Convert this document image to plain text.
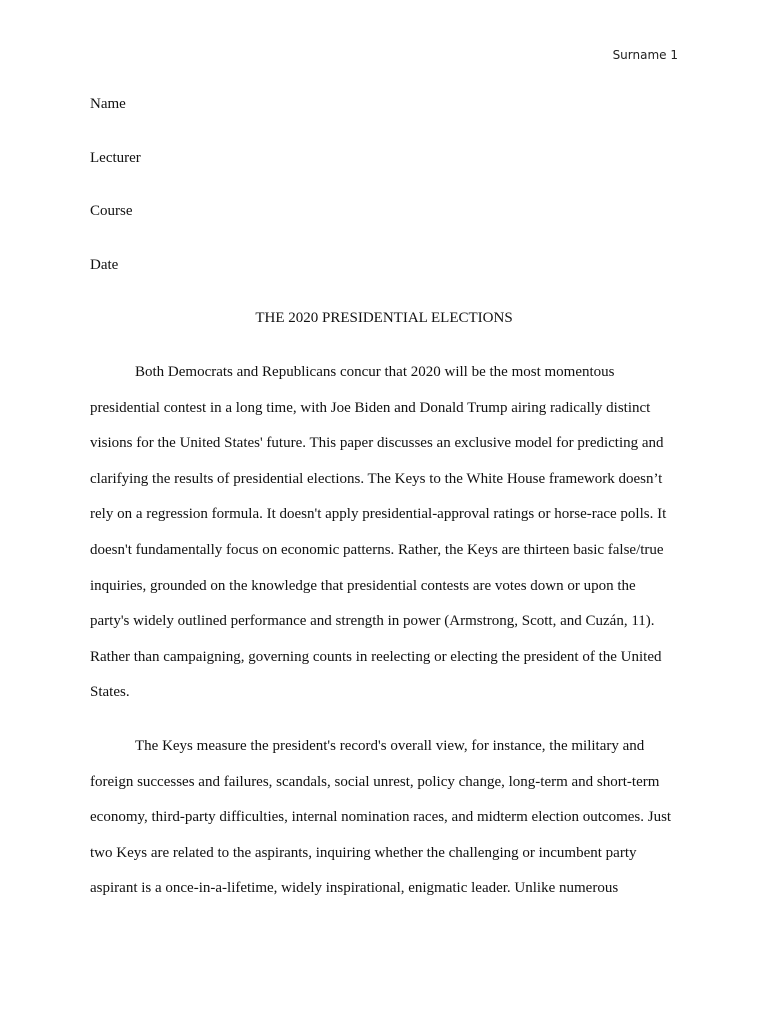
Surname 1
Name
Lecturer
Course
Date
THE 2020 PRESIDENTIAL ELECTIONS
Both Democrats and Republicans concur that 2020 will be the most momentous
presidential contest in a long time, with Joe Biden and Donald Trump airing radically distinct
visions for the United States' future. This paper discusses an exclusive model for predicting and
clarifying the results of presidential elections. The Keys to the White House framework doesn’t
rely on a regression formula. It doesn't apply presidential-approval ratings or horse-race polls. It
doesn't fundamentally focus on economic patterns. Rather, the Keys are thirteen basic false/true
inquiries, grounded on the knowledge that presidential contests are votes down or upon the
party's widely outlined performance and strength in power (Armstrong, Scott, and Cuzán, 11).
Rather than campaigning, governing counts in reelecting or electing the president of the United
States.
The Keys measure the president's record's overall view, for instance, the military and
foreign successes and failures, scandals, social unrest, policy change, long-term and short-term
economy, third-party difficulties, internal nomination races, and midterm election outcomes. Just
two Keys are related to the aspirants, inquiring whether the challenging or incumbent party
aspirant is a once-in-a-lifetime, widely inspirational, enigmatic leader. Unlike numerous
